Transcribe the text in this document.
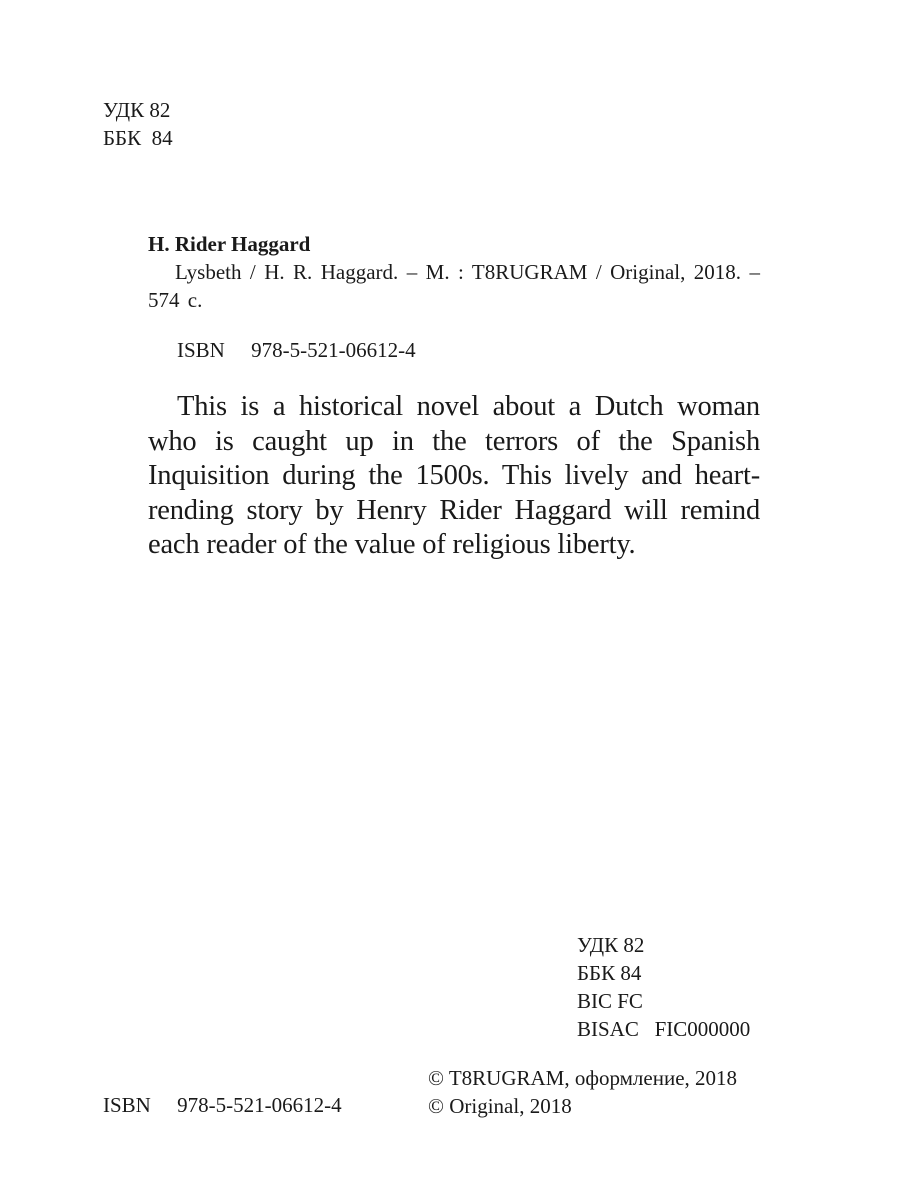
УДК 82
ББК  84
H. Rider Haggard
Lysbeth / H. R. Haggard. – M. : T8RUGRAM / Original, 2018. – 574 с.
ISBN 978-5-521-06612-4
This is a historical novel about a Dutch woman who is caught up in the terrors of the Spanish Inquisition during the 1500s. This lively and heart-rending story by Henry Rider Haggard will remind each reader of the value of religious liberty.
УДК 82
ББК 84
BIC FC
BISAC   FIC000000
ISBN 978-5-521-06612-4
© T8RUGRAM, оформление, 2018
© Original, 2018
